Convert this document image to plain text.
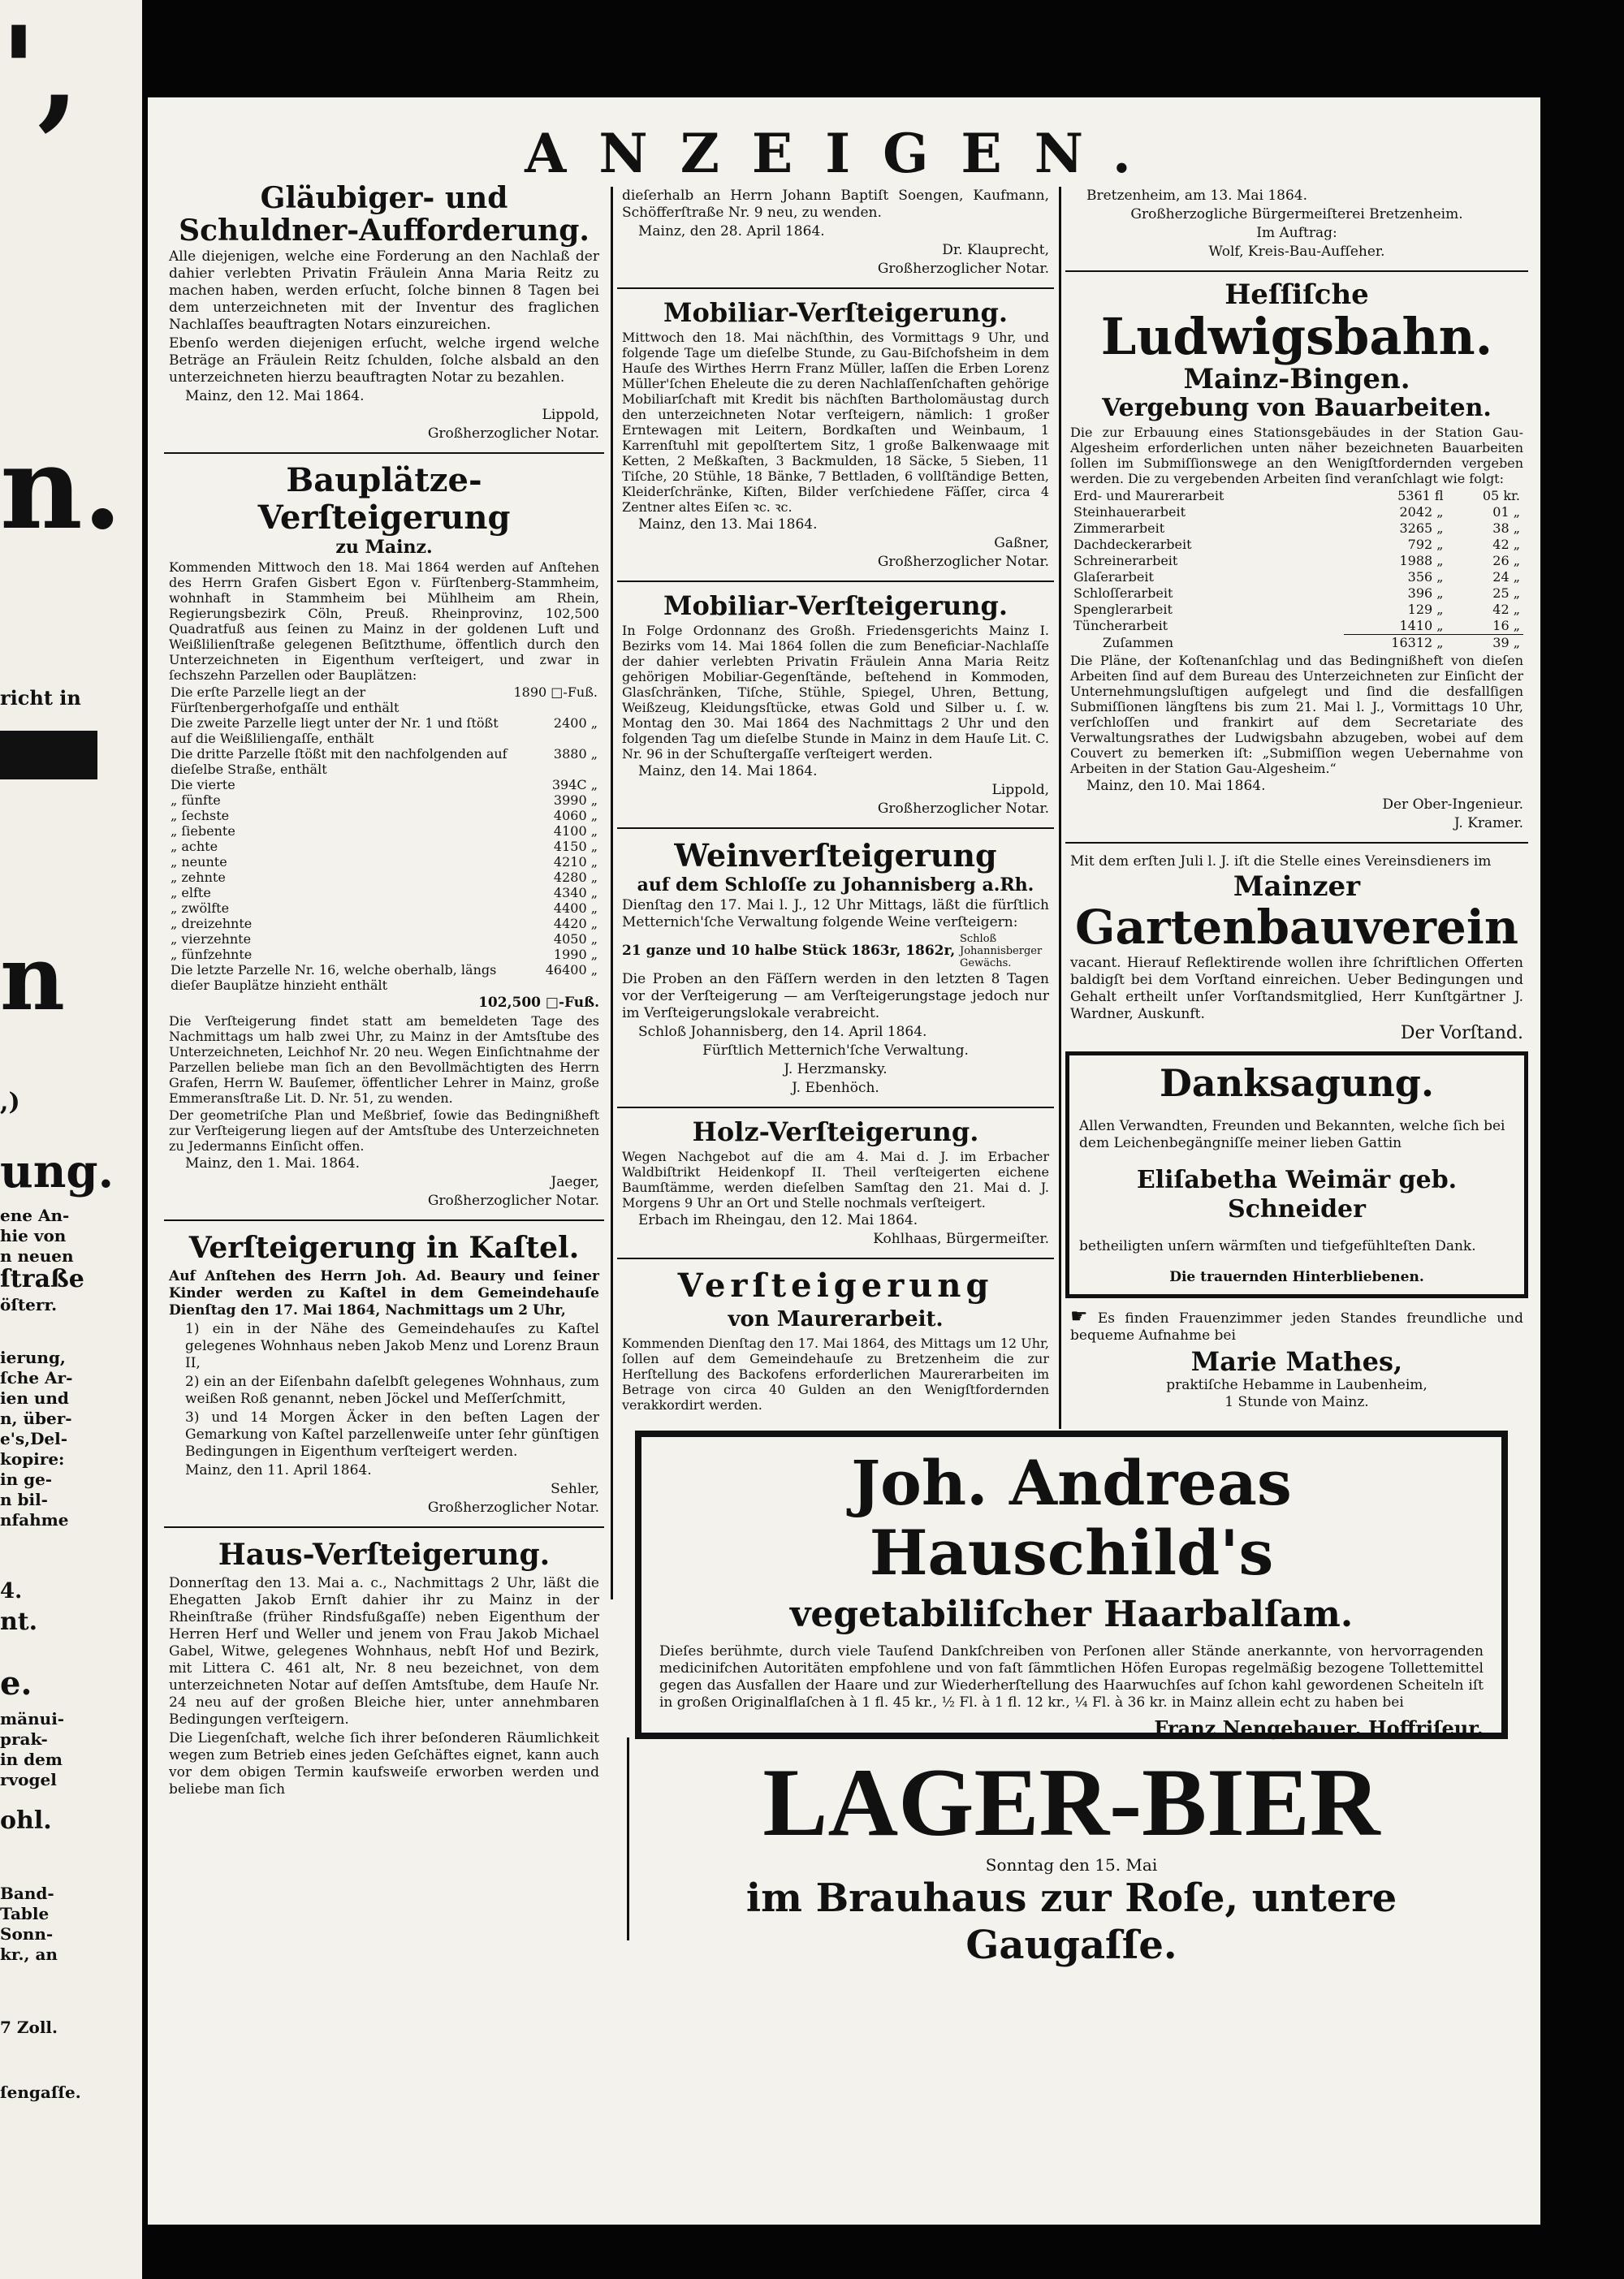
',
n.
richt in
n
,)
ung.
ene An-
hie von
n neuen
ſtraße
öſterr.
ierung,
ſche Ar-
ien und
n, über-
e's,Del-
kopire:
in ge-
n bil-
nfahme
4.
nt.
e.
mänui-
prak-
in dem
rvogel
ohl.
Band-
Table
Sonn-
kr., an
7 Zoll.
ſengaſſe.
ANZEIGEN.
Gläubiger- und Schuldner-Aufforderung.

Alle diejenigen, welche eine Forderung an den Nachlaß der dahier verlebten Privatin Fräulein Anna Maria Reitz zu machen haben, werden erſucht, ſolche binnen 8 Tagen bei dem unterzeichneten mit der Inventur des fraglichen Nachlaſſes beauftragten Notars einzureichen.

Ebenſo werden diejenigen erſucht, welche irgend welche Beträge an Fräulein Reitz ſchulden, ſolche alsbald an den unterzeichneten hierzu beauftragten Notar zu bezahlen.

Mainz, den 12. Mai 1864.
Lippold,
Großherzoglicher Notar.
Bauplätze-Verſteigerung
zu Mainz.

Kommenden Mittwoch den 18. Mai 1864 werden auf Anſtehen des Herrn Grafen Gisbert Egon v. Fürſtenberg-Stammheim, wohnhaft in Stammheim bei Mühlheim am Rhein, Regierungsbezirk Cöln, Preuß. Rheinprovinz, 102,500 Quadratfuß aus ſeinen zu Mainz in der goldenen Luft und Weißlilienſtraße gelegenen Beſitzthume, öffentlich durch den Unterzeichneten in Eigenthum verſteigert, und zwar in ſechszehn Parzellen oder Bauplätzen:

Die erſte Parzelle liegt an der Fürſtenbergerhofgaſſe und enthält	1890 □-Fuß.
Die zweite Parzelle liegt unter der Nr. 1 und ſtößt auf die Weißliliengaſſe, enthält	2400 „
Die dritte Parzelle ſtößt mit den nachfolgenden auf dieſelbe Straße, enthält	3880 „
Die vierte	394C „
„ fünfte	3990 „
„ ſechste	4060 „
„ ſiebente	4100 „
„ achte	4150 „
„ neunte	4210 „
„ zehnte	4280 „
„ elfte	4340 „
„ zwölfte	4400 „
„ dreizehnte	4420 „
„ vierzehnte	4050 „
„ fünfzehnte	1990 „
Die letzte Parzelle Nr. 16, welche oberhalb, längs dieſer Bauplätze hinzieht enthält	46400 „
102,500 □-Fuß.

Die Verſteigerung findet statt am bemeldeten Tage des Nachmittags um halb zwei Uhr, zu Mainz in der Amtsſtube des Unterzeichneten, Leichhof Nr. 20 neu. Wegen Einſichtnahme der Parzellen beliebe man ſich an den Bevollmächtigten des Herrn Grafen, Herrn W. Bauſemer, öffentlicher Lehrer in Mainz, große Emmeransſtraße Lit. D. Nr. 51, zu wenden.

Der geometriſche Plan und Meßbrief, ſowie das Bedingnißheft zur Verſteigerung liegen auf der Amtsſtube des Unterzeichneten zu Jedermanns Einſicht offen.

Mainz, den 1. Mai. 1864.
Jaeger,
Großherzoglicher Notar.
Verſteigerung in Kaſtel.

Auf Anſtehen des Herrn Joh. Ad. Beaury und ſeiner Kinder werden zu Kaſtel in dem Gemeindehauſe Dienſtag den 17. Mai 1864, Nachmittags um 2 Uhr,

1) ein in der Nähe des Gemeindehauſes zu Kaſtel gelegenes Wohnhaus neben Jakob Menz und Lorenz Braun II,

2) ein an der Eiſenbahn daſelbſt gelegenes Wohnhaus, zum weißen Roß genannt, neben Jöckel und Meſſerſchmitt,

3) und 14 Morgen Äcker in den beſten Lagen der Gemarkung von Kaſtel parzellenweiſe unter ſehr günſtigen Bedingungen in Eigenthum verſteigert werden.

Mainz, den 11. April 1864.
Sehler,
Großherzoglicher Notar.
Haus-Verſteigerung.

Donnerſtag den 13. Mai a. c., Nachmittags 2 Uhr, läßt die Ehegatten Jakob Ernſt dahier ihr zu Mainz in der Rheinſtraße (früher Rindsfußgaſſe) neben Eigenthum der Herren Herf und Weller und jenem von Frau Jakob Michael Gabel, Witwe, gelegenes Wohnhaus, nebſt Hof und Bezirk, mit Littera C. 461 alt, Nr. 8 neu bezeichnet, von dem unterzeichneten Notar auf deſſen Amtsſtube, dem Hauſe Nr. 24 neu auf der großen Bleiche hier, unter annehmbaren Bedingungen verſteigern.

Die Liegenſchaft, welche ſich ihrer beſonderen Räumlichkeit wegen zum Betrieb eines jeden Geſchäftes eignet, kann auch vor dem obigen Termin kaufsweiſe erworben werden und beliebe man ſich

dieſerhalb an Herrn Johann Baptiſt Soengen, Kaufmann, Schöfferſtraße Nr. 9 neu, zu wenden.

Mainz, den 28. April 1864.
Dr. Klauprecht,
Großherzoglicher Notar.
Mobiliar-Verſteigerung.

Mittwoch den 18. Mai nächſthin, des Vormittags 9 Uhr, und folgende Tage um dieſelbe Stunde, zu Gau-Biſchofsheim in dem Hauſe des Wirthes Herrn Franz Müller, laſſen die Erben Lorenz Müller'ſchen Eheleute die zu deren Nachlaſſenſchaften gehörige Mobiliarſchaft mit Kredit bis nächſten Bartholomäustag durch den unterzeichneten Notar verſteigern, nämlich: 1 großer Erntewagen mit Leitern, Bordkaſten und Weinbaum, 1 Karrenſtuhl mit gepolſtertem Sitz, 1 große Balkenwaage mit Ketten, 2 Meßkaſten, 3 Backmulden, 18 Säcke, 5 Sieben, 11 Tiſche, 20 Stühle, 18 Bänke, 7 Bettladen, 6 vollſtändige Betten, Kleiderſchränke, Kiſten, Bilder verſchiedene Fäſſer, circa 4 Zentner altes Eiſen ꝛc. ꝛc.

Mainz, den 13. Mai 1864.
Gaßner,
Großherzoglicher Notar.
Mobiliar-Verſteigerung.

In Folge Ordonnanz des Großh. Friedensgerichts Mainz I. Bezirks vom 14. Mai 1864 ſollen die zum Beneficiar-Nachlaſſe der dahier verlebten Privatin Fräulein Anna Maria Reitz gehörigen Mobiliar-Gegenſtände, beſtehend in Kommoden, Glasſchränken, Tiſche, Stühle, Spiegel, Uhren, Bettung, Weißzeug, Kleidungsſtücke, etwas Gold und Silber u. ſ. w. Montag den 30. Mai 1864 des Nachmittags 2 Uhr und den folgenden Tag um dieſelbe Stunde in Mainz in dem Hauſe Lit. C. Nr. 96 in der Schuſtergaſſe verſteigert werden.

Mainz, den 14. Mai 1864.
Lippold,
Großherzoglicher Notar.
Weinverſteigerung
auf dem Schloſſe zu Johannisberg a.Rh.

Dienſtag den 17. Mai l. J., 12 Uhr Mittags, läßt die fürſtlich Metternich'ſche Verwaltung folgende Weine verſteigern:

21 ganze und 10 halbe Stück 1863r, 1862r,
Schloß Johannisberger Gewächs.

Die Proben an den Fäſſern werden in den letzten 8 Tagen vor der Verſteigerung — am Verſteigerungstage jedoch nur im Verſteigerungslokale verabreicht.

Schloß Johannisberg, den 14. April 1864.
Fürſtlich Metternich'ſche Verwaltung.
J. Herzmansky.
J. Ebenhöch.
Holz-Verſteigerung.

Wegen Nachgebot auf die am 4. Mai d. J. im Erbacher Waldbiſtrikt Heidenkopf II. Theil verſteigerten eichene Baumſtämme, werden dieſelben Samſtag den 21. Mai d. J. Morgens 9 Uhr an Ort und Stelle nochmals verſteigert.

Erbach im Rheingau, den 12. Mai 1864.
Kohlhaas, Bürgermeiſter.
Verſteigerung
von Maurerarbeit.

Kommenden Dienſtag den 17. Mai 1864, des Mittags um 12 Uhr, ſollen auf dem Gemeindehauſe zu Bretzenheim die zur Herſtellung des Backofens erforderlichen Maurerarbeiten im Betrage von circa 40 Gulden an den Wenigſtfordernden verakkordirt werden.

Bretzenheim, am 13. Mai 1864.
Großherzogliche Bürgermeiſterei Bretzenheim.
Im Auftrag:
Wolf, Kreis-Bau-Aufſeher.
Heſſiſche
Ludwigsbahn.
Mainz-Bingen.
Vergebung von Bauarbeiten.

Die zur Erbauung eines Stationsgebäudes in der Station Gau-Algesheim erforderlichen unten näher bezeichneten Bauarbeiten ſollen im Submiſſionswege an den Wenigſtfordernden vergeben werden. Die zu vergebenden Arbeiten ſind veranſchlagt wie folgt:

Erd- und Maurerarbeit	5361 fl	05 kr.
Steinhauerarbeit	2042 „	01 „
Zimmerarbeit	3265 „	38 „
Dachdeckerarbeit	792 „	42 „
Schreinerarbeit	1988 „	26 „
Glaſerarbeit	356 „	24 „
Schloſſerarbeit	396 „	25 „
Spenglerarbeit	129 „	42 „
Tüncherarbeit	1410 „	16 „
Zuſammen	16312 „	39 „

Die Pläne, der Koſtenanſchlag und das Bedingnißheft von dieſen Arbeiten ſind auf dem Bureau des Unterzeichneten zur Einſicht der Unternehmungsluſtigen aufgelegt und ſind die desfallſigen Submiſſionen längſtens bis zum 21. Mai l. J., Vormittags 10 Uhr, verſchloſſen und frankirt auf dem Secretariate des Verwaltungsrathes der Ludwigsbahn abzugeben, wobei auf dem Couvert zu bemerken iſt: „Submiſſion wegen Uebernahme von Arbeiten in der Station Gau-Algesheim.“

Mainz, den 10. Mai 1864.
Der Ober-Ingenieur.
J. Kramer.

Mit dem erſten Juli l. J. iſt die Stelle eines Vereinsdieners im

Mainzer
Gartenbauverein

vacant. Hierauf Reflektirende wollen ihre ſchriftlichen Offerten baldigſt bei dem Vorſtand einreichen. Ueber Bedingungen und Gehalt ertheilt unſer Vorſtandsmitglied, Herr Kunſtgärtner J. Wardner, Auskunft.

Der Vorſtand.
Danksagung.

Allen Verwandten, Freunden und Bekannten, welche ſich bei dem Leichenbegängniſſe meiner lieben Gattin

Eliſabetha Weimär geb. Schneider

betheiligten unſern wärmſten und tiefgefühlteſten Dank.

Die trauernden Hinterbliebenen.

☛ Es finden Frauenzimmer jeden Standes freundliche und bequeme Aufnahme bei

Marie Mathes,
praktiſche Hebamme in Laubenheim,
1 Stunde von Mainz.
Joh. Andreas Hauschild's
vegetabiliſcher Haarbalſam.

Dieſes berühmte, durch viele Tauſend Dankſchreiben von Perſonen aller Stände anerkannte, von hervorragenden medicinifchen Autoritäten empfohlene und von faſt ſämmtlichen Höfen Europas regelmäßig bezogene Tollettemittel gegen das Ausfallen der Haare und zur Wiederherſtellung des Haarwuchſes auf ſchon kahl gewordenen Scheiteln iſt in großen Originalflaſchen à 1 fl. 45 kr., ½ Fl. à 1 fl. 12 kr., ¼ Fl. à 36 kr. in Mainz allein echt zu haben bei

Franz Nengebauer, Hoffriſeur.
LAGER-BIER
Sonntag den 15. Mai
im Brauhaus zur Roſe, untere Gaugaſſe.
